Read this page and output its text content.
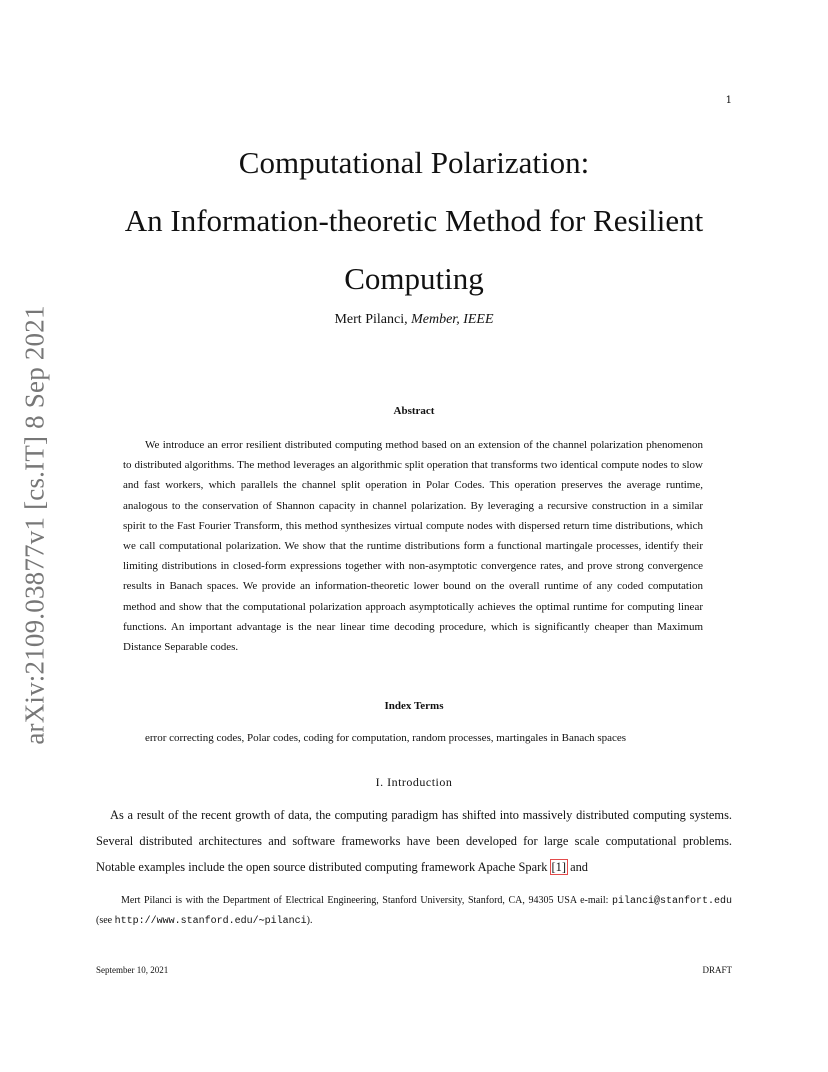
1
arXiv:2109.03877v1 [cs.IT] 8 Sep 2021
Computational Polarization:
An Information-theoretic Method for Resilient
Computing
Mert Pilanci, Member, IEEE
Abstract

We introduce an error resilient distributed computing method based on an extension of the channel polarization phenomenon to distributed algorithms. The method leverages an algorithmic split operation that transforms two identical compute nodes to slow and fast workers, which parallels the channel split operation in Polar Codes. This operation preserves the average runtime, analogous to the conservation of Shannon capacity in channel polarization. By leveraging a recursive construction in a similar spirit to the Fast Fourier Transform, this method synthesizes virtual compute nodes with dispersed return time distributions, which we call computational polarization. We show that the runtime distributions form a functional martingale processes, identify their limiting distributions in closed-form expressions together with non-asymptotic convergence rates, and prove strong convergence results in Banach spaces. We provide an information-theoretic lower bound on the overall runtime of any coded computation method and show that the computational polarization approach asymptotically achieves the optimal runtime for computing linear functions. An important advantage is the near linear time decoding procedure, which is significantly cheaper than Maximum Distance Separable codes.

Index Terms

error correcting codes, Polar codes, coding for computation, random processes, martingales in Banach spaces

I. Introduction

As a result of the recent growth of data, the computing paradigm has shifted into massively distributed computing systems. Several distributed architectures and software frameworks have been developed for large scale computational problems. Notable examples include the open source distributed computing framework Apache Spark [1] and

Mert Pilanci is with the Department of Electrical Engineering, Stanford University, Stanford, CA, 94305 USA e-mail: pilanci@stanfort.edu (see http://www.stanford.edu/∼pilanci).

September 10, 2021	DRAFT
